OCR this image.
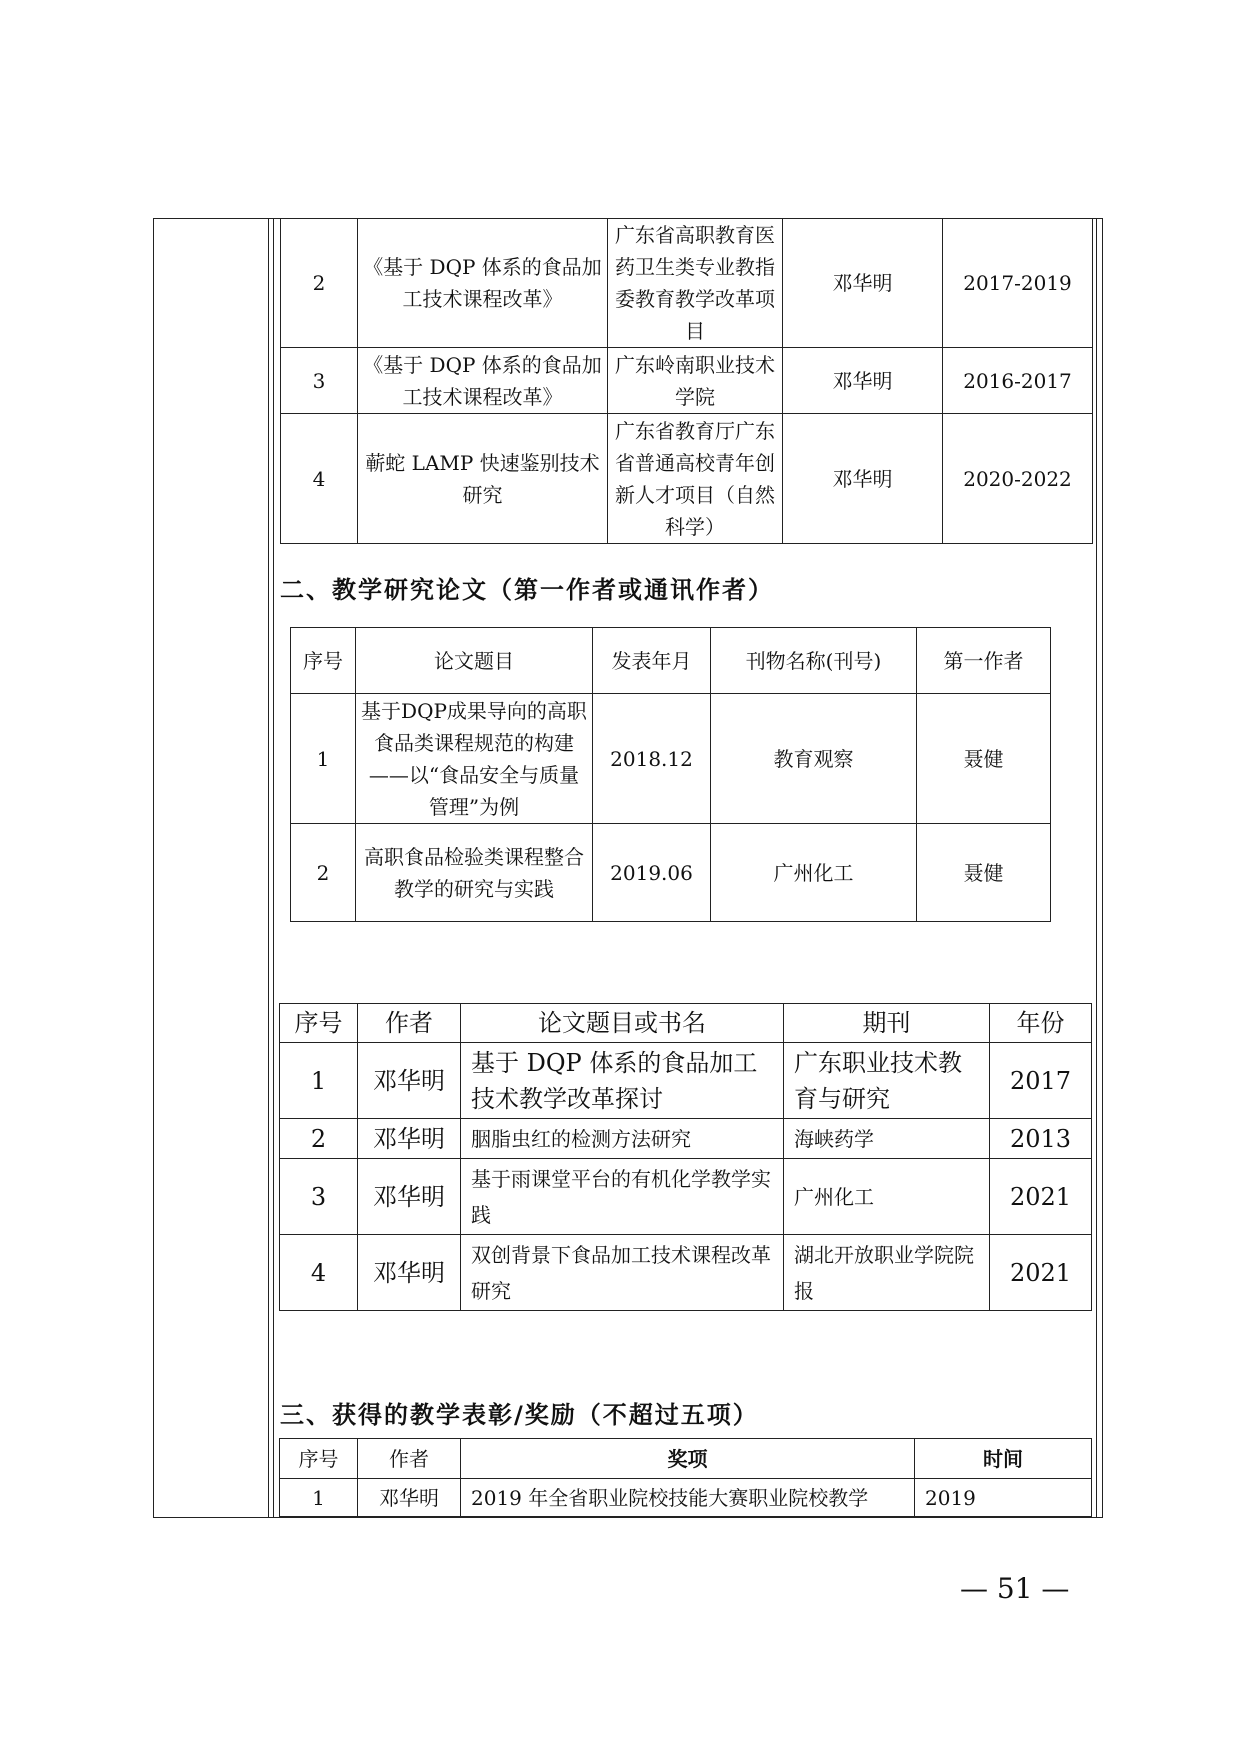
2	《基于 DQP 体系的食品加工技术课程改革》	广东省高职教育医药卫生类专业教指委教育教学改革项目	邓华明	2017-2019
3	《基于 DQP 体系的食品加工技术课程改革》	广东岭南职业技术学院	邓华明	2016-2017
4	蕲蛇 LAMP 快速鉴别技术研究	广东省教育厅广东省普通高校青年创新人才项目（自然科学）	邓华明	2020-2022
二、教学研究论文（第一作者或通讯作者）
序号	论文题目	发表年月	刊物名称(刊号)	第一作者
1	基于DQP成果导向的高职食品类课程规范的构建——以“食品安全与质量管理”为例	2018.12	教育观察	聂健
2	高职食品检验类课程整合教学的研究与实践	2019.06	广州化工	聂健
序号	作者	论文题目或书名	期刊	年份
1	邓华明	基于 DQP 体系的食品加工技术教学改革探讨	广东职业技术教育与研究	2017
2	邓华明	胭脂虫红的检测方法研究	海峡药学	2013
3	邓华明	基于雨课堂平台的有机化学教学实践	广州化工	2021
4	邓华明	双创背景下食品加工技术课程改革研究	湖北开放职业学院院报	2021
三、获得的教学表彰/奖励（不超过五项）
序号	作者	奖项	时间
1	邓华明	2019 年全省职业院校技能大赛职业院校教学	2019
— 51 —
